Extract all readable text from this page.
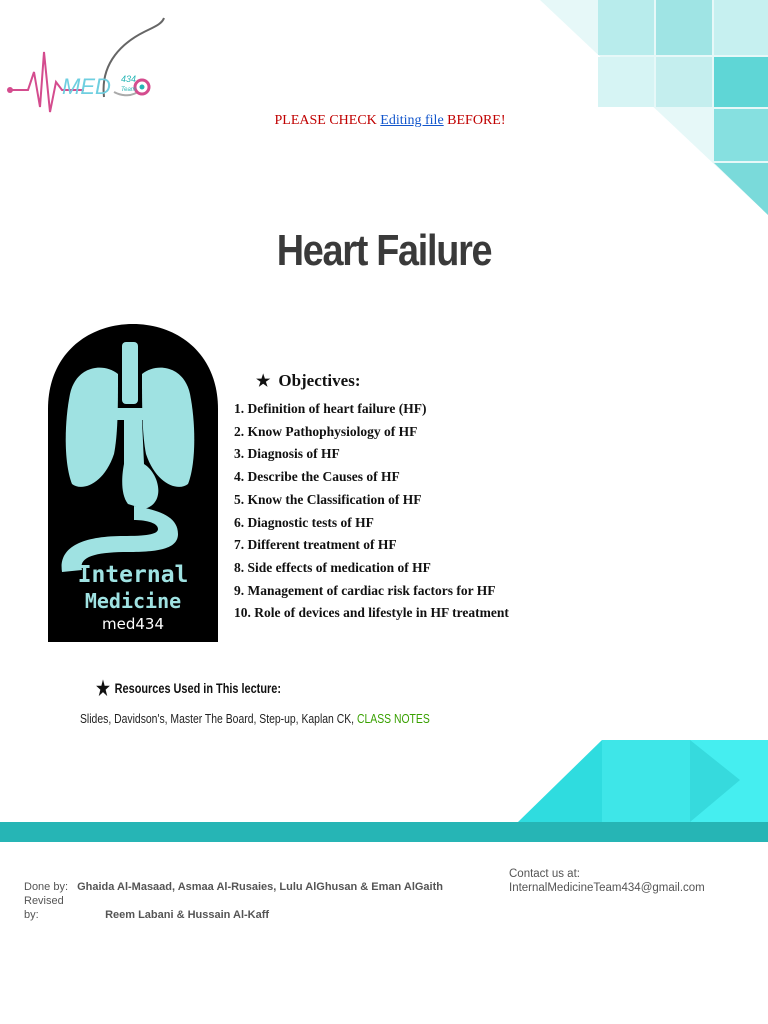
MED 434
Team
PLEASE CHECK Editing file BEFORE!
Heart Failure
Internal
Medicine
med434
★ Objectives:
1. Definition of heart failure (HF)
2. Know Pathophysiology of HF
3. Diagnosis of HF
4. Describe the Causes of HF
5. Know the Classification of HF
6. Diagnostic tests of HF
7. Different treatment of HF
8. Side effects of medication of HF
9. Management of cardiac risk factors for HF
10. Role of devices and lifestyle in HF treatment
★ Resources Used in This lecture:
Slides, Davidson's, Master The Board, Step-up, Kaplan CK, CLASS NOTES
Done by: Ghaida Al-Masaad, Asmaa Al-Rusaies, Lulu AlGhusan & Eman AlGaith
Revised by:	Reem Labani & Hussain Al-Kaff
Contact us at:
InternalMedicineTeam434@gmail.com
